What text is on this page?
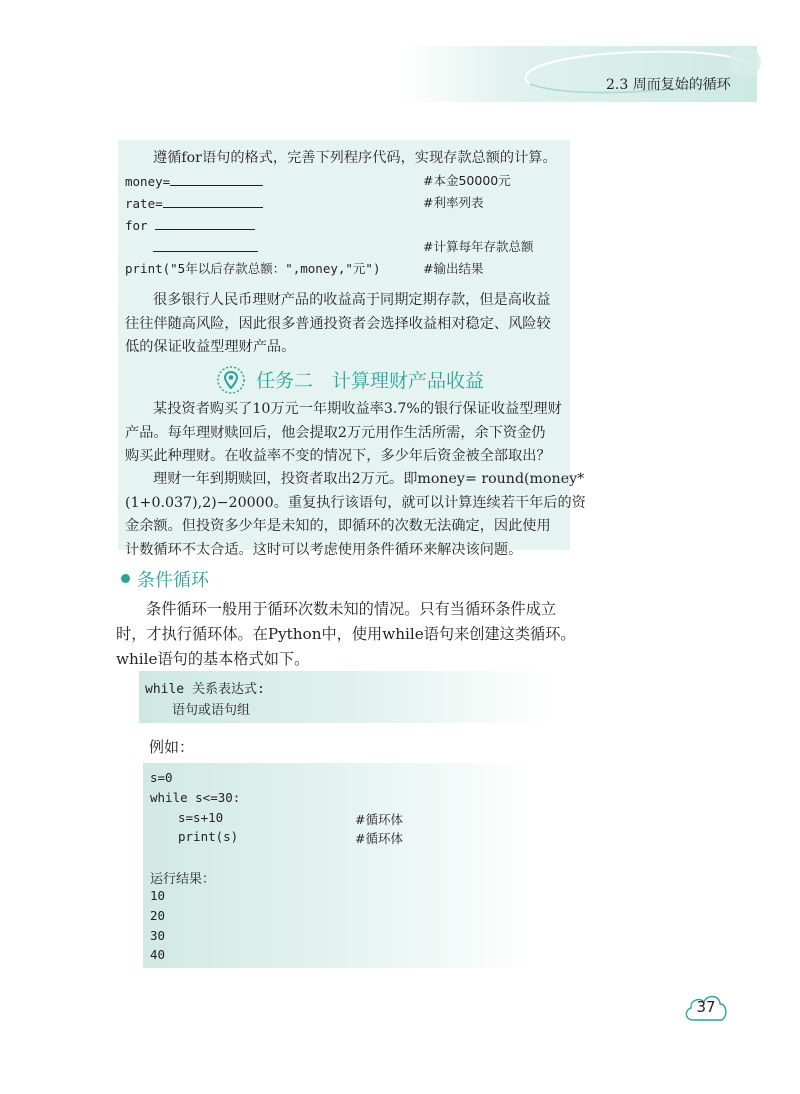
2.3 周而复始的循环
遵循for语句的格式，完善下列程序代码，实现存款总额的计算。
money=	#本金50000元
rate=	#利率列表
for
#计算每年存款总额
print("5年以后存款总额：",money,"元")	#输出结果
很多银行人民币理财产品的收益高于同期定期存款，但是高收益
往往伴随高风险，因此很多普通投资者会选择收益相对稳定、风险较
低的保证收益型理财产品。
任务二　计算理财产品收益
某投资者购买了10万元一年期收益率3.7%的银行保证收益型理财
产品。每年理财赎回后，他会提取2万元用作生活所需，余下资金仍
购买此种理财。在收益率不变的情况下，多少年后资金被全部取出？
理财一年到期赎回，投资者取出2万元。即money= round(money*
(1+0.037),2)−20000。重复执行该语句，就可以计算连续若干年后的资
金余额。但投资多少年是未知的，即循环的次数无法确定，因此使用
计数循环不太合适。这时可以考虑使用条件循环来解决该问题。
条件循环
条件循环一般用于循环次数未知的情况。只有当循环条件成立
时，才执行循环体。在Python中，使用while语句来创建这类循环。
while语句的基本格式如下。
while 关系表达式:
语句或语句组
例如：
s=0
while s<=30:
s=s+10	#循环体
print(s)	#循环体
运行结果：
10
20
30
40
37
